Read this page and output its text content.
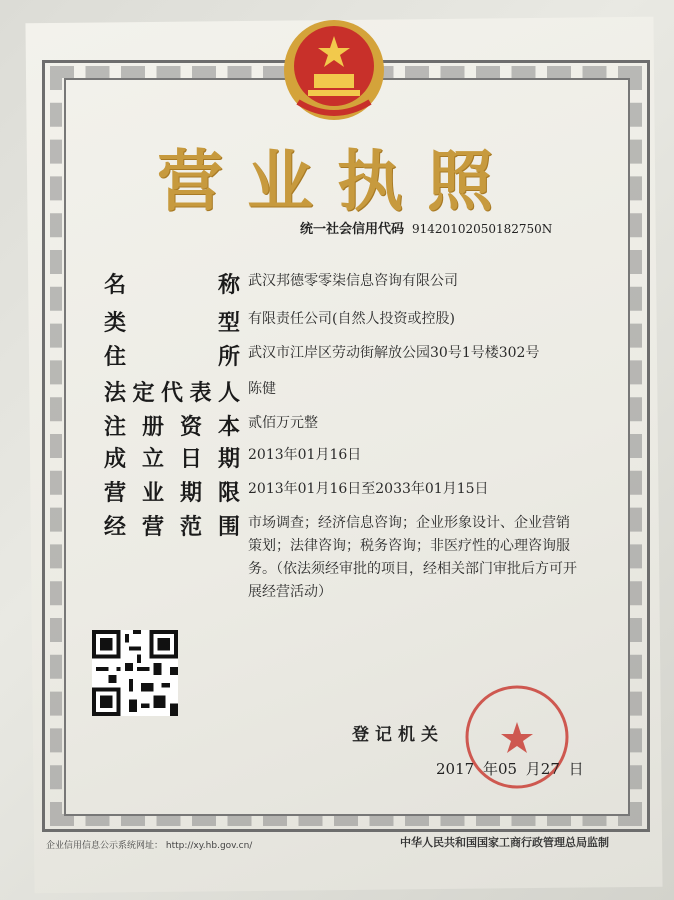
营业执照
统一社会信用代码 91420102050182750N
名	称 武汉邦德零零柒信息咨询有限公司
类	型 有限责任公司(自然人投资或控股)
住	所 武汉市江岸区劳动街解放公园30号1号楼302号
法 定 代 表 人 陈健
注 册 资 本 贰佰万元整
成 立 日 期 2013年01月16日
营 业 期 限 2013年01月16日至2033年01月15日
经 营 范 围 市场调查；经济信息咨询；企业形象设计、企业营销策划；法律咨询；税务咨询；非医疗性的心理咨询服务。（依法须经审批的项目，经相关部门审批后方可开展经营活动）
登记机关
2017 年05 月27 日
企业信用信息公示系统网址： http://xy.hb.gov.cn/	中华人民共和国国家工商行政管理总局监制
